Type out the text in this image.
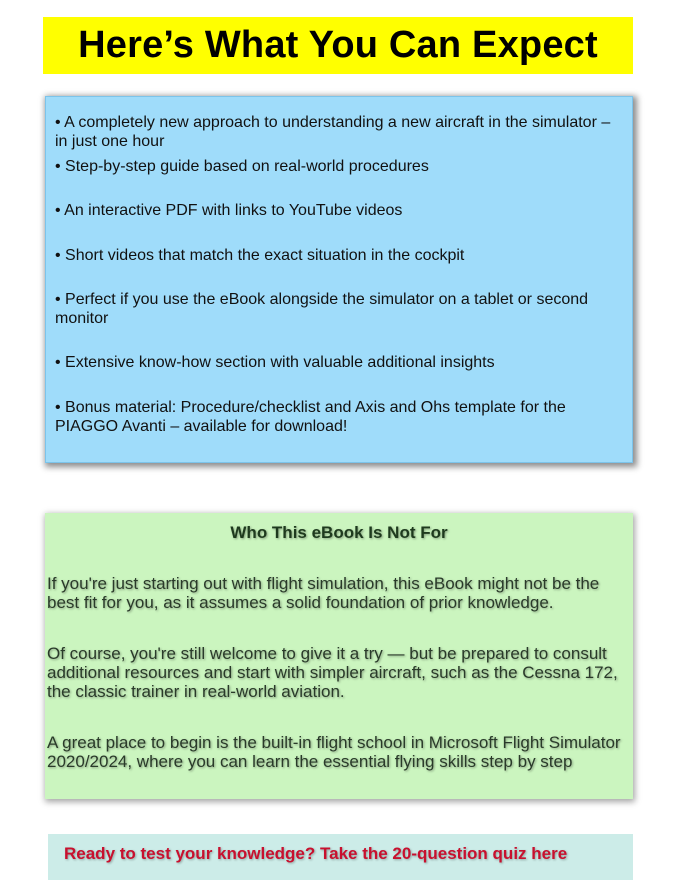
Here’s What You Can Expect
• A completely new approach to understanding a new aircraft in the simulator – in just one hour
• Step-by-step guide based on real-world procedures
• An interactive PDF with links to YouTube videos
• Short videos that match the exact situation in the cockpit
• Perfect if you use the eBook alongside the simulator on a tablet or second monitor
• Extensive know-how section with valuable additional insights
• Bonus material: Procedure/checklist and Axis and Ohs template for the PIAGGO Avanti – available for download!
Who This eBook Is Not For
If you're just starting out with flight simulation, this eBook might not be the best fit for you, as it assumes a solid foundation of prior knowledge.
Of course, you're still welcome to give it a try — but be prepared to consult additional resources and start with simpler aircraft, such as the Cessna 172, the classic trainer in real-world aviation.
A great place to begin is the built-in flight school in Microsoft Flight Simulator 2020/2024, where you can learn the essential flying skills step by step
Ready to test your knowledge? Take the 20-question quiz here
